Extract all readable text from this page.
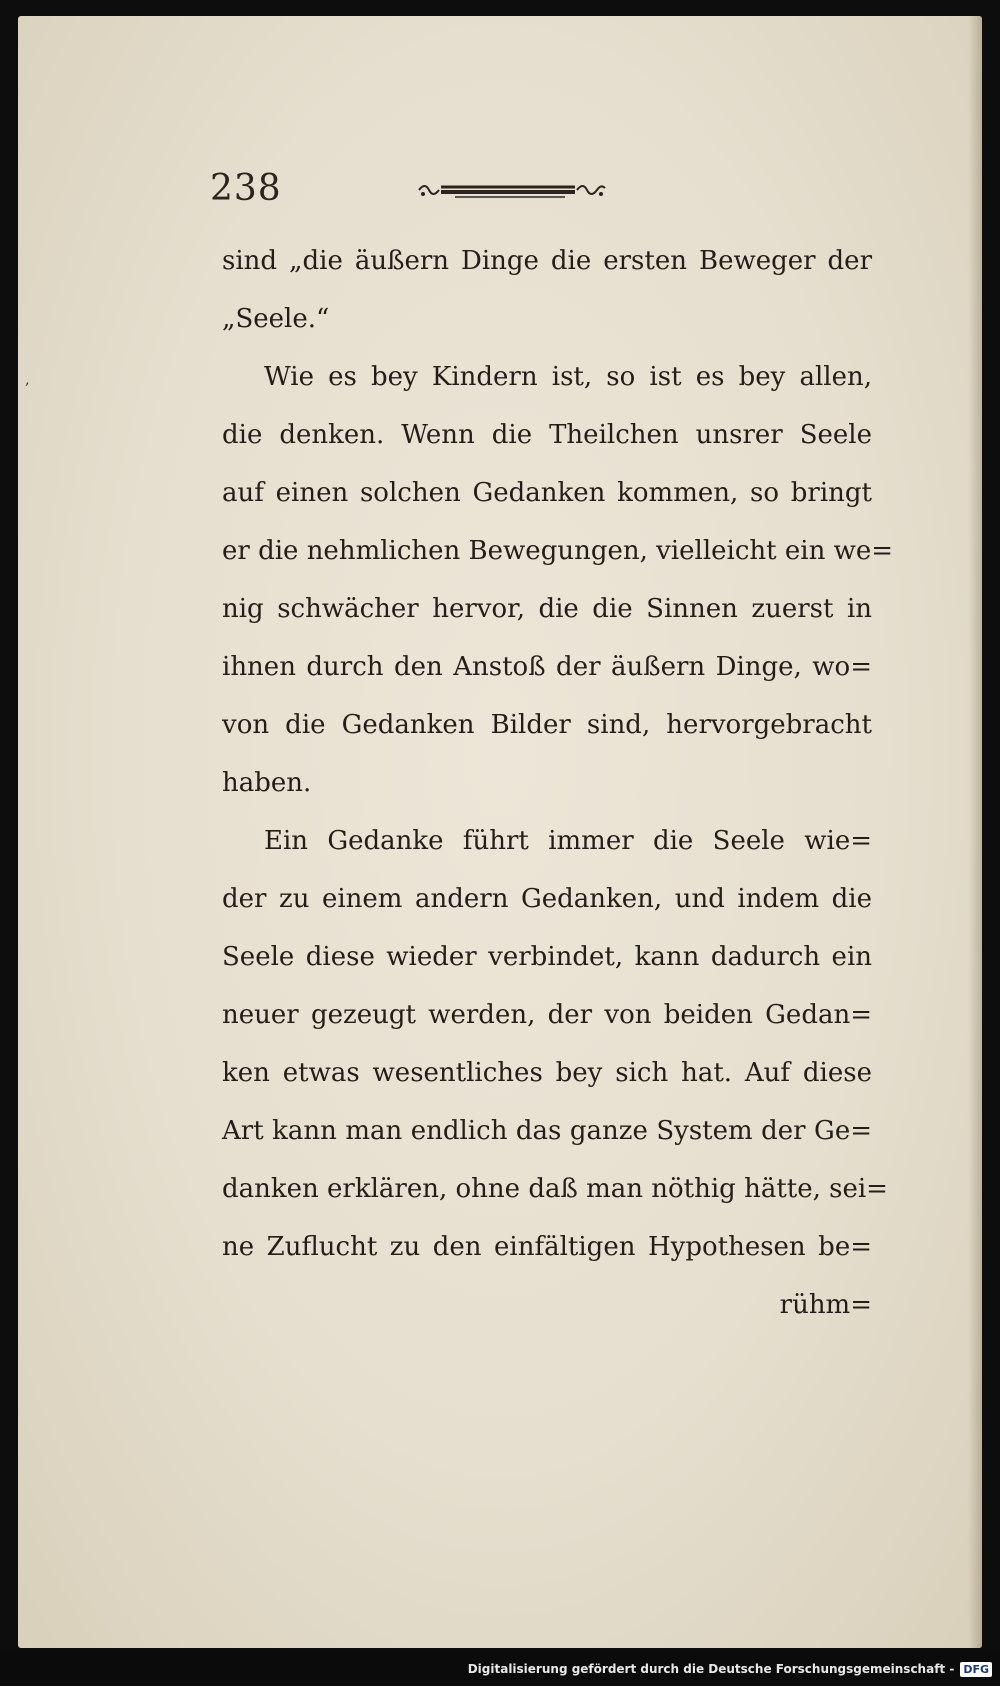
‚
238
sind „die äußern Dinge die ersten Beweger der
„Seele.“
Wie es bey Kindern ist, so ist es bey allen,
die denken. Wenn die Theilchen unsrer Seele
auf einen solchen Gedanken kommen, so bringt
er die nehmlichen Bewegungen, vielleicht ein we=
nig schwächer hervor, die die Sinnen zuerst in
ihnen durch den Anstoß der äußern Dinge, wo=
von die Gedanken Bilder sind, hervorgebracht
haben.
Ein Gedanke führt immer die Seele wie=
der zu einem andern Gedanken, und indem die
Seele diese wieder verbindet, kann dadurch ein
neuer gezeugt werden, der von beiden Gedan=
ken etwas wesentliches bey sich hat. Auf diese
Art kann man endlich das ganze System der Ge=
danken erklären, ohne daß man nöthig hätte, sei=
ne Zuflucht zu den einfältigen Hypothesen be=
rühm=
Digitalisierung gefördert durch die Deutsche Forschungsgemeinschaft - DFG
